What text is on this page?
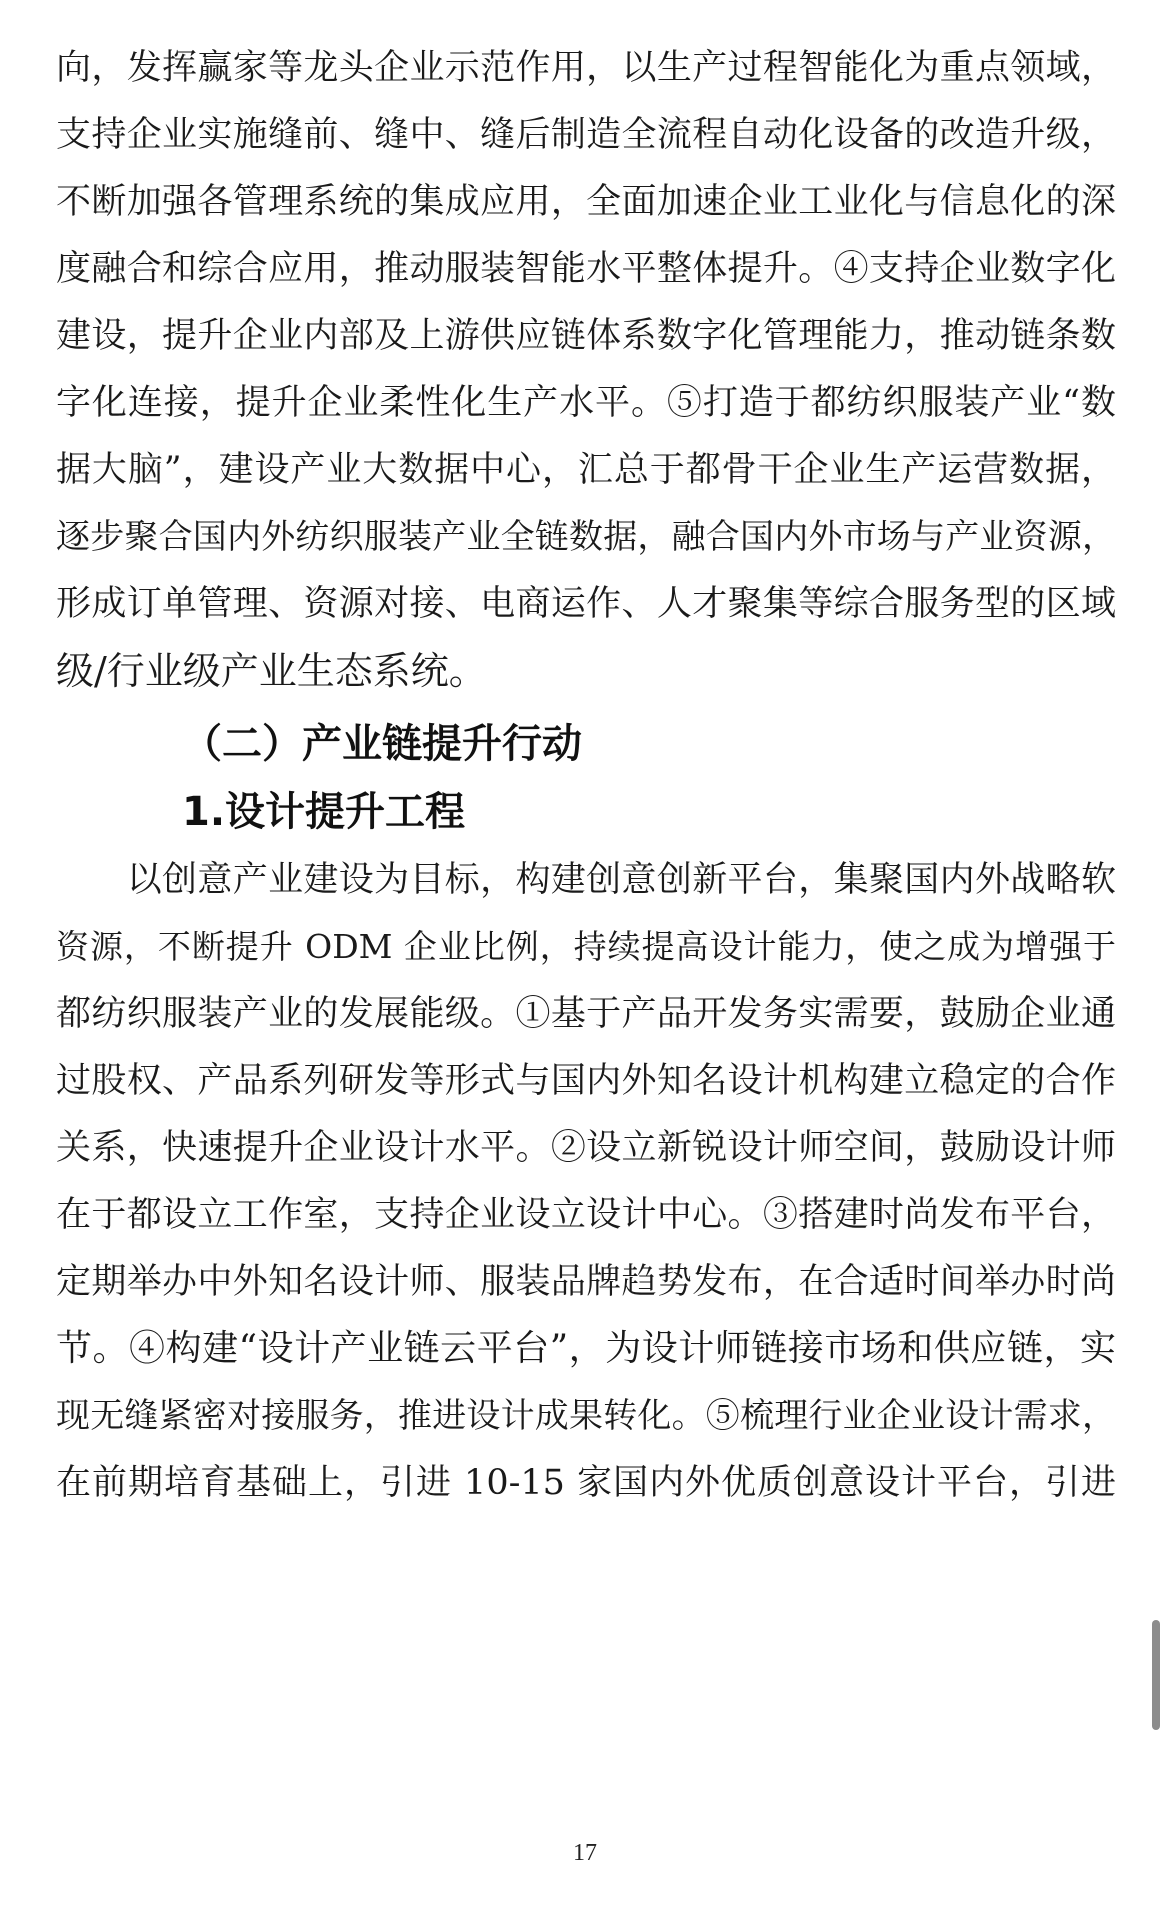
向，发挥赢家等龙头企业示范作用，以生产过程智能化为重点领域，
支持企业实施缝前、缝中、缝后制造全流程自动化设备的改造升级，
不断加强各管理系统的集成应用，全面加速企业工业化与信息化的深
度融合和综合应用，推动服装智能水平整体提升。④支持企业数字化
建设，提升企业内部及上游供应链体系数字化管理能力，推动链条数
字化连接，提升企业柔性化生产水平。⑤打造于都纺织服装产业“数
据大脑”，建设产业大数据中心，汇总于都骨干企业生产运营数据，
逐步聚合国内外纺织服装产业全链数据，融合国内外市场与产业资源，
形成订单管理、资源对接、电商运作、人才聚集等综合服务型的区域
级/行业级产业生态系统。
（二）产业链提升行动
1.设计提升工程
　　以创意产业建设为目标，构建创意创新平台，集聚国内外战略软
资源，不断提升 ODM 企业比例，持续提高设计能力，使之成为增强于
都纺织服装产业的发展能级。①基于产品开发务实需要，鼓励企业通
过股权、产品系列研发等形式与国内外知名设计机构建立稳定的合作
关系，快速提升企业设计水平。②设立新锐设计师空间，鼓励设计师
在于都设立工作室，支持企业设立设计中心。③搭建时尚发布平台，
定期举办中外知名设计师、服装品牌趋势发布，在合适时间举办时尚
节。④构建“设计产业链云平台”，为设计师链接市场和供应链，实
现无缝紧密对接服务，推进设计成果转化。⑤梳理行业企业设计需求，
在前期培育基础上，引进 10-15 家国内外优质创意设计平台，引进
17
